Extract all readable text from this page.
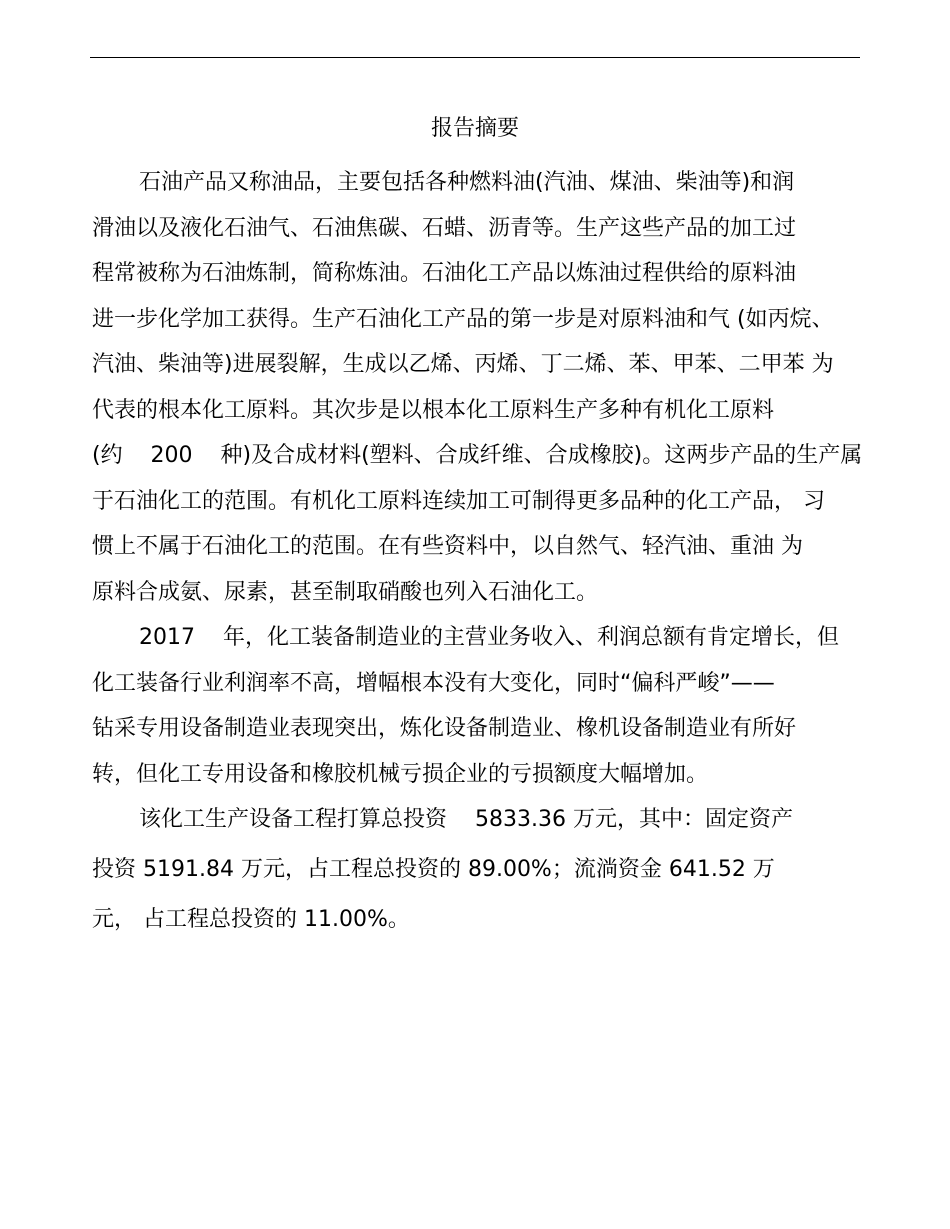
报告摘要

石油产品又称油品，主要包括各种燃料油(汽油、煤油、柴油等)和润
滑油以及液化石油气、石油焦碳、石蜡、沥青等。生产这些产品的加工过
程常被称为石油炼制，简称炼油。石油化工产品以炼油过程供给的原料油
进一步化学加工获得。生产石油化工产品的第一步是对原料油和气 (如丙烷、
汽油、柴油等)进展裂解，生成以乙烯、丙烯、丁二烯、苯、甲苯、二甲苯 为
代表的根本化工原料。其次步是以根本化工原料生产多种有机化工原料
(约    200    种)及合成材料(塑料、合成纤维、合成橡胶)。这两步产品的生产属
于石油化工的范围。有机化工原料连续加工可制得更多品种的化工产品， 习
惯上不属于石油化工的范围。在有些资料中，以自然气、轻汽油、重油 为
原料合成氨、尿素，甚至制取硝酸也列入石油化工。

2017    年，化工装备制造业的主营业务收入、利润总额有肯定增长，但
化工装备行业利润率不高，增幅根本没有大变化，同时“偏科严峻”——
钻采专用设备制造业表现突出，炼化设备制造业、橡机设备制造业有所好
转，但化工专用设备和橡胶机械亏损企业的亏损额度大幅增加。

该化工生产设备工程打算总投资    5833.36 万元，其中：固定资产
投资 5191.84 万元，占工程总投资的 89.00%；流淌资金 641.52 万
元， 占工程总投资的 11.00%。
